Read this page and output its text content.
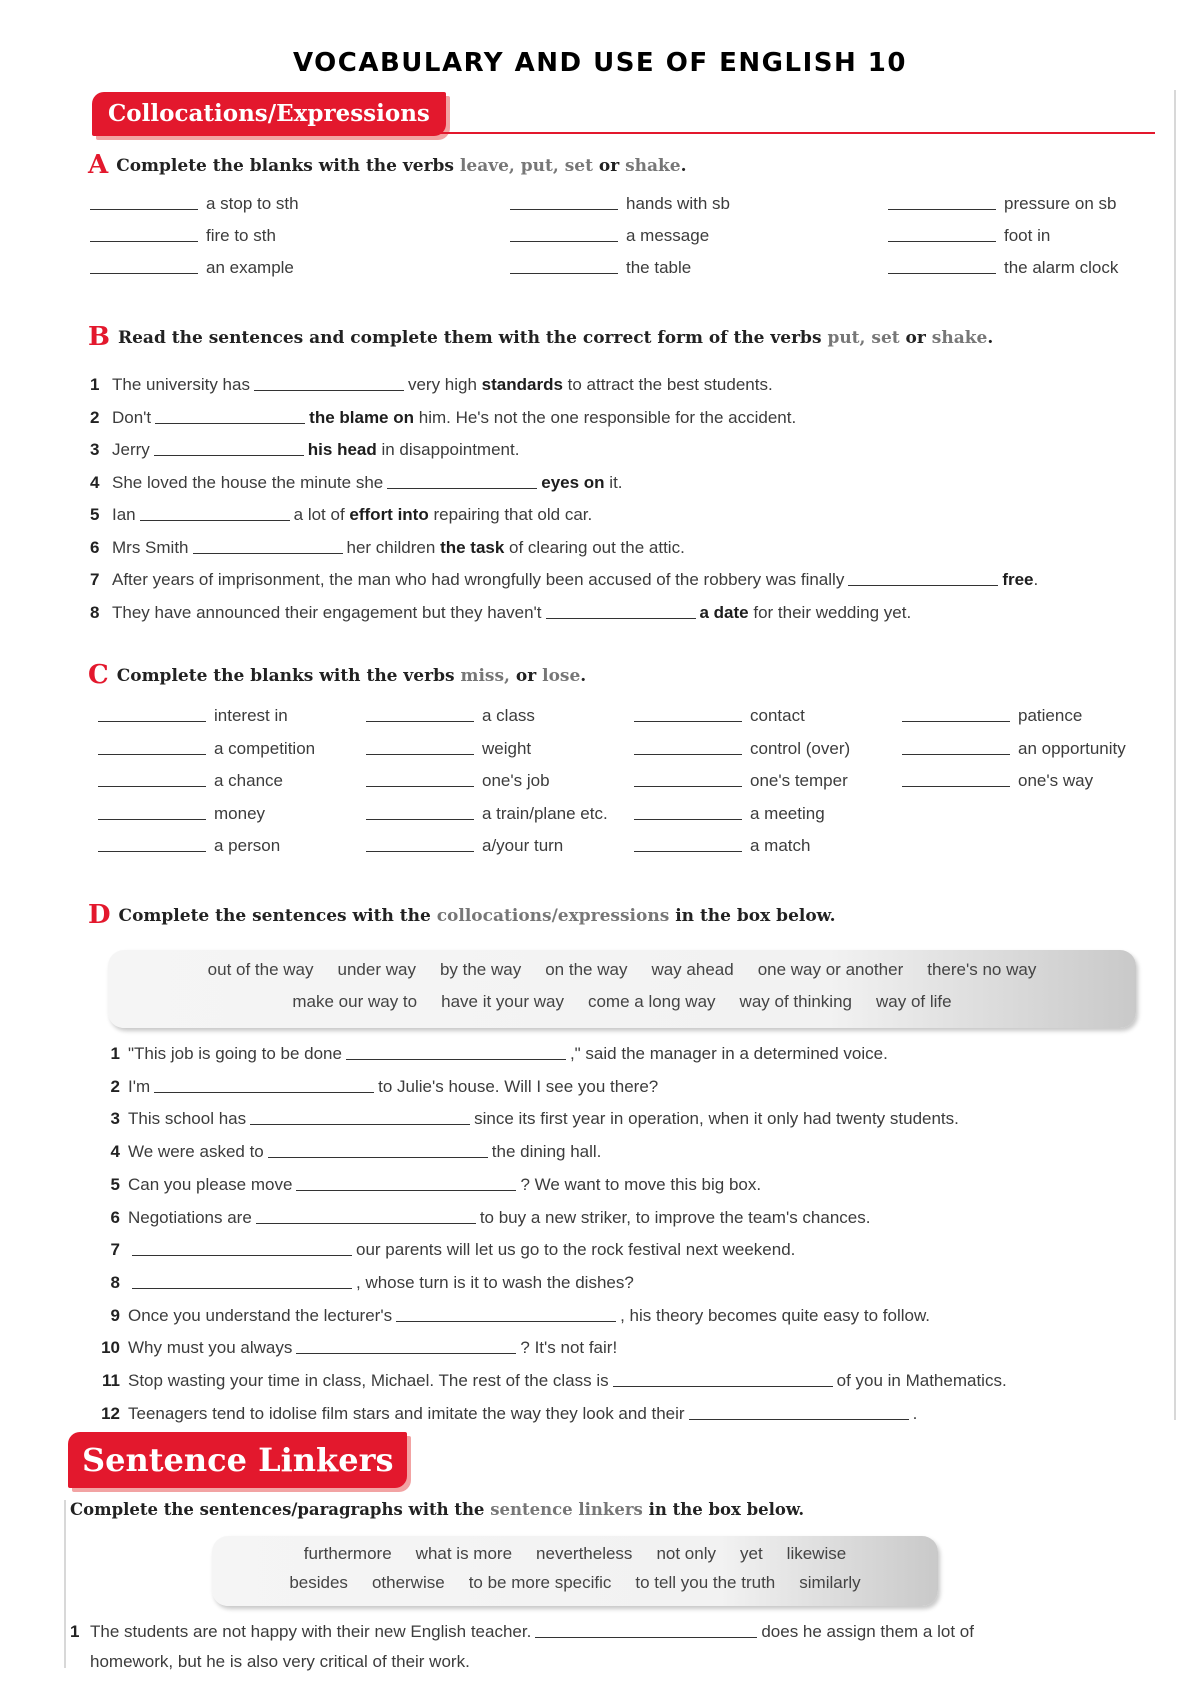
VOCABULARY AND USE OF ENGLISH 10
Collocations/Expressions
A Complete the blanks with the verbs leave, put, set or shake.
a stop to sth	hands with sb	pressure on sb
fire to sth	a message	foot in
an example	the table	the alarm clock
B Read the sentences and complete them with the correct form of the verbs put, set or shake.
1 The university has	very high standards to attract the best students.
2 Don't	the blame on him. He's not the one responsible for the accident.
3 Jerry	his head in disappointment.
4 She loved the house the minute she	eyes on it.
5 Ian	a lot of effort into repairing that old car.
6 Mrs Smith	her children the task of clearing out the attic.
7 After years of imprisonment, the man who had wrongfully been accused of the robbery was finally	free.
8 They have announced their engagement but they haven't	a date for their wedding yet.
C Complete the blanks with the verbs miss, or lose.
interest in	a class	contact	patience
a competition	weight	control (over)	an opportunity
a chance	one's job	one's temper	one's way
money	a train/plane etc.	a meeting
a person	a/your turn	a match
D Complete the sentences with the collocations/expressions in the box below.
out of the way under way by the way on the way way ahead one way or another there's no way
make our way to have it your way come a long way way of thinking way of life
1 "This job is going to be done	," said the manager in a determined voice.
2 I'm	to Julie's house. Will I see you there?
3 This school has	since its first year in operation, when it only had twenty students.
4 We were asked to	the dining hall.
5 Can you please move	? We want to move this big box.
6 Negotiations are	to buy a new striker, to improve the team's chances.
7	our parents will let us go to the rock festival next weekend.
8	, whose turn is it to wash the dishes?
9 Once you understand the lecturer's	, his theory becomes quite easy to follow.
10 Why must you always	? It's not fair!
11 Stop wasting your time in class, Michael. The rest of the class is	of you in Mathematics.
12 Teenagers tend to idolise film stars and imitate the way they look and their	.
Sentence Linkers
Complete the sentences/paragraphs with the sentence linkers in the box below.
furthermore what is more nevertheless not only yet likewise
besides otherwise to be more specific to tell you the truth similarly
1 The students are not happy with their new English teacher.	does he assign them a lot of
homework, but he is also very critical of their work.
